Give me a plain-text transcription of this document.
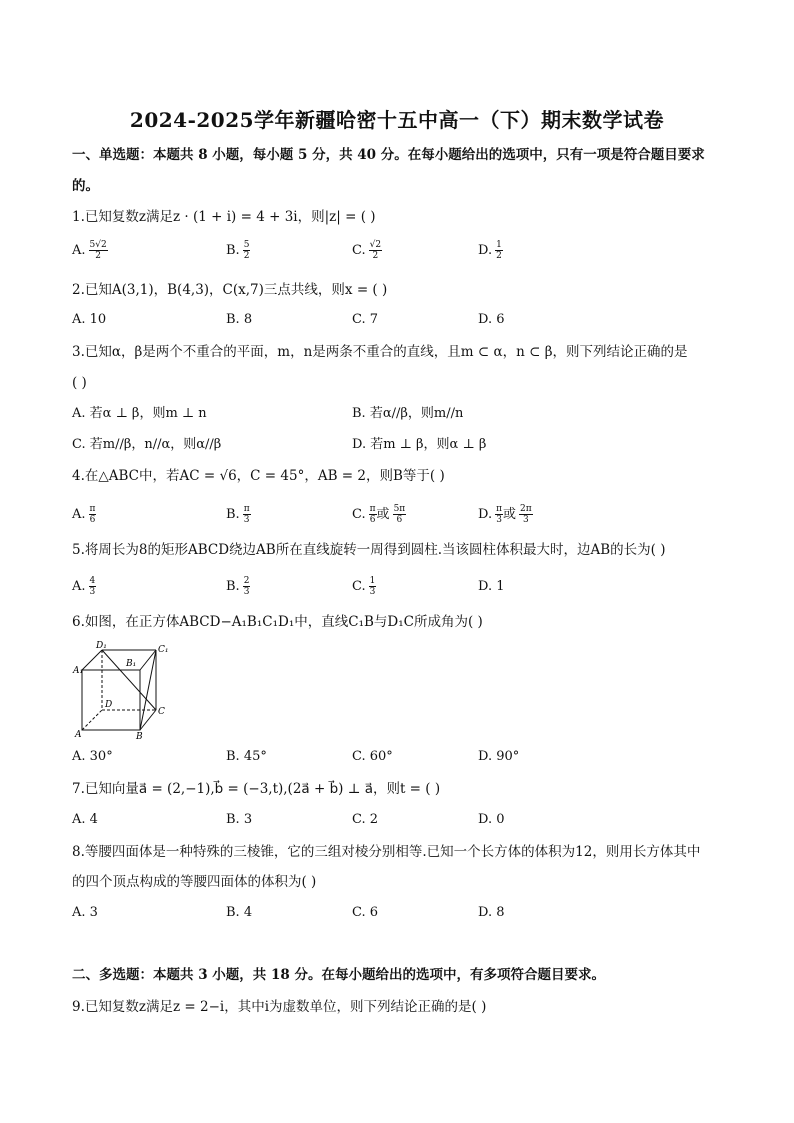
2024-2025学年新疆哈密十五中高一（下）期末数学试卷
一、单选题：本题共 8 小题，每小题 5 分，共 40 分。在每小题给出的选项中，只有一项是符合题目要求
的。
1.已知复数z满足z · (1 + i) = 4 + 3i，则|z| = ( )
A. $\frac{5√2}{2}$	B. $\frac{5}{2}$	C. $\frac{√2}{2}$	D. $\frac{1}{2}$
2.已知A(3,1)，B(4,3)，C(x,7)三点共线，则x = ( )
A. 10	B. 8	C. 7	D. 6
3.已知α，β是两个不重合的平面，m，n是两条不重合的直线，且m ⊂ α，n ⊂ β，则下列结论正确的是
( )
A. 若α ⊥ β，则m ⊥ n	B. 若α//β，则m//n
C. 若m//β，n//α，则α//β	D. 若m ⊥ β，则α ⊥ β
4.在△ABC中，若AC = √6，C = 45°，AB = 2，则B等于( )
A. $\frac{\pi}{6}$	B. $\frac{\pi}{3}$	C. $\frac{\pi}{6}$ 或 $\frac{5\pi}{6}$	D. $\frac{\pi}{3}$ 或 $\frac{2\pi}{3}$
5.将周长为8的矩形ABCD绕边AB所在直线旋转一周得到圆柱.当该圆柱体积最大时，边AB的长为( )
A. $\frac{4}{3}$	B. $\frac{2}{3}$	C. $\frac{1}{3}$	D. 1
6.如图，在正方体ABCD−A₁B₁C₁D₁中，直线C₁B与D₁C所成角为( )
D₁	C₁
B₁
A₁
D
C
A	B
A. 30°	B. 45°	C. 60°	D. 90°
7.已知向量a⃗ = (2,−1),b⃗ = (−3,t),(2a⃗ + b⃗) ⊥ a⃗，则t = ( )
A. 4	B. 3	C. 2	D. 0
8.等腰四面体是一种特殊的三棱锥，它的三组对棱分别相等.已知一个长方体的体积为12，则用长方体其中
的四个顶点构成的等腰四面体的体积为( )
A. 3	B. 4	C. 6	D. 8
二、多选题：本题共 3 小题，共 18 分。在每小题给出的选项中，有多项符合题目要求。
9.已知复数z满足z = 2−i，其中i为虚数单位，则下列结论正确的是( )
